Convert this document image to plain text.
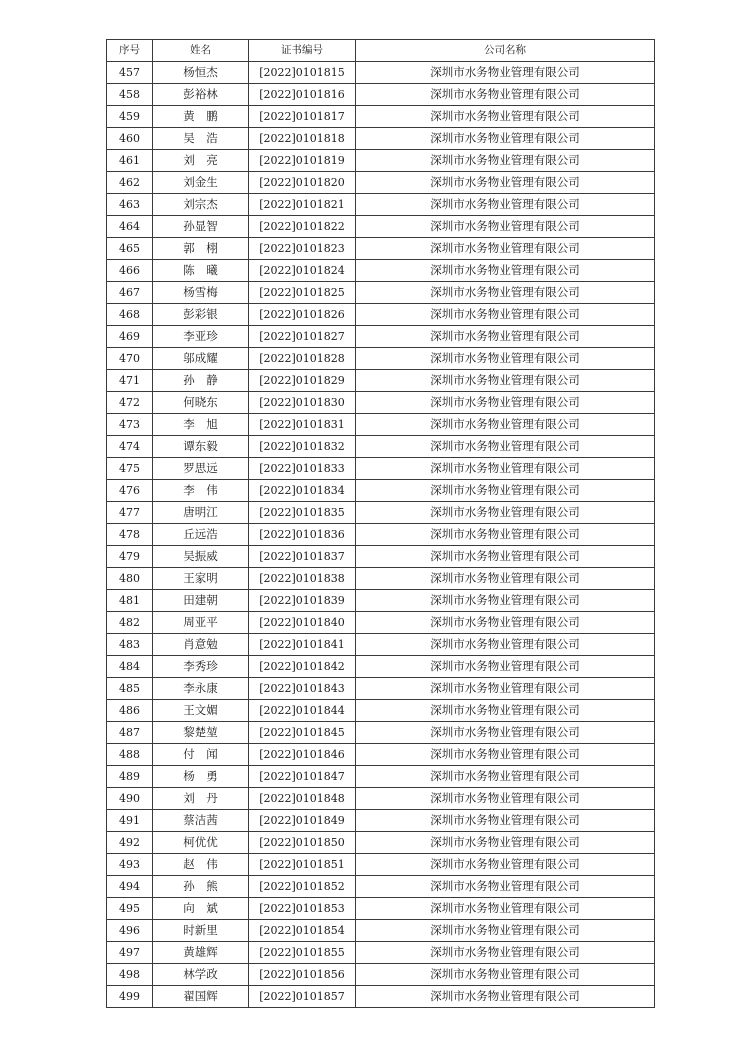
序号	姓名	证书编号	公司名称
457	杨恒杰	[2022]0101815	深圳市水务物业管理有限公司
458	彭裕林	[2022]0101816	深圳市水务物业管理有限公司
459	黄　鹏	[2022]0101817	深圳市水务物业管理有限公司
460	吴　浩	[2022]0101818	深圳市水务物业管理有限公司
461	刘　亮	[2022]0101819	深圳市水务物业管理有限公司
462	刘金生	[2022]0101820	深圳市水务物业管理有限公司
463	刘宗杰	[2022]0101821	深圳市水务物业管理有限公司
464	孙显智	[2022]0101822	深圳市水务物业管理有限公司
465	郭　栩	[2022]0101823	深圳市水务物业管理有限公司
466	陈　曦	[2022]0101824	深圳市水务物业管理有限公司
467	杨雪梅	[2022]0101825	深圳市水务物业管理有限公司
468	彭彩银	[2022]0101826	深圳市水务物业管理有限公司
469	李亚珍	[2022]0101827	深圳市水务物业管理有限公司
470	邬成耀	[2022]0101828	深圳市水务物业管理有限公司
471	孙　静	[2022]0101829	深圳市水务物业管理有限公司
472	何晓东	[2022]0101830	深圳市水务物业管理有限公司
473	李　旭	[2022]0101831	深圳市水务物业管理有限公司
474	谭东毅	[2022]0101832	深圳市水务物业管理有限公司
475	罗思远	[2022]0101833	深圳市水务物业管理有限公司
476	李　伟	[2022]0101834	深圳市水务物业管理有限公司
477	唐明江	[2022]0101835	深圳市水务物业管理有限公司
478	丘远浩	[2022]0101836	深圳市水务物业管理有限公司
479	吴振威	[2022]0101837	深圳市水务物业管理有限公司
480	王家明	[2022]0101838	深圳市水务物业管理有限公司
481	田建朝	[2022]0101839	深圳市水务物业管理有限公司
482	周亚平	[2022]0101840	深圳市水务物业管理有限公司
483	肖意勉	[2022]0101841	深圳市水务物业管理有限公司
484	李秀珍	[2022]0101842	深圳市水务物业管理有限公司
485	李永康	[2022]0101843	深圳市水务物业管理有限公司
486	王文媚	[2022]0101844	深圳市水务物业管理有限公司
487	黎楚堃	[2022]0101845	深圳市水务物业管理有限公司
488	付　闻	[2022]0101846	深圳市水务物业管理有限公司
489	杨　勇	[2022]0101847	深圳市水务物业管理有限公司
490	刘　丹	[2022]0101848	深圳市水务物业管理有限公司
491	蔡洁茜	[2022]0101849	深圳市水务物业管理有限公司
492	柯优优	[2022]0101850	深圳市水务物业管理有限公司
493	赵　伟	[2022]0101851	深圳市水务物业管理有限公司
494	孙　熊	[2022]0101852	深圳市水务物业管理有限公司
495	向　斌	[2022]0101853	深圳市水务物业管理有限公司
496	时新里	[2022]0101854	深圳市水务物业管理有限公司
497	黄雄辉	[2022]0101855	深圳市水务物业管理有限公司
498	林学政	[2022]0101856	深圳市水务物业管理有限公司
499	翟国辉	[2022]0101857	深圳市水务物业管理有限公司
